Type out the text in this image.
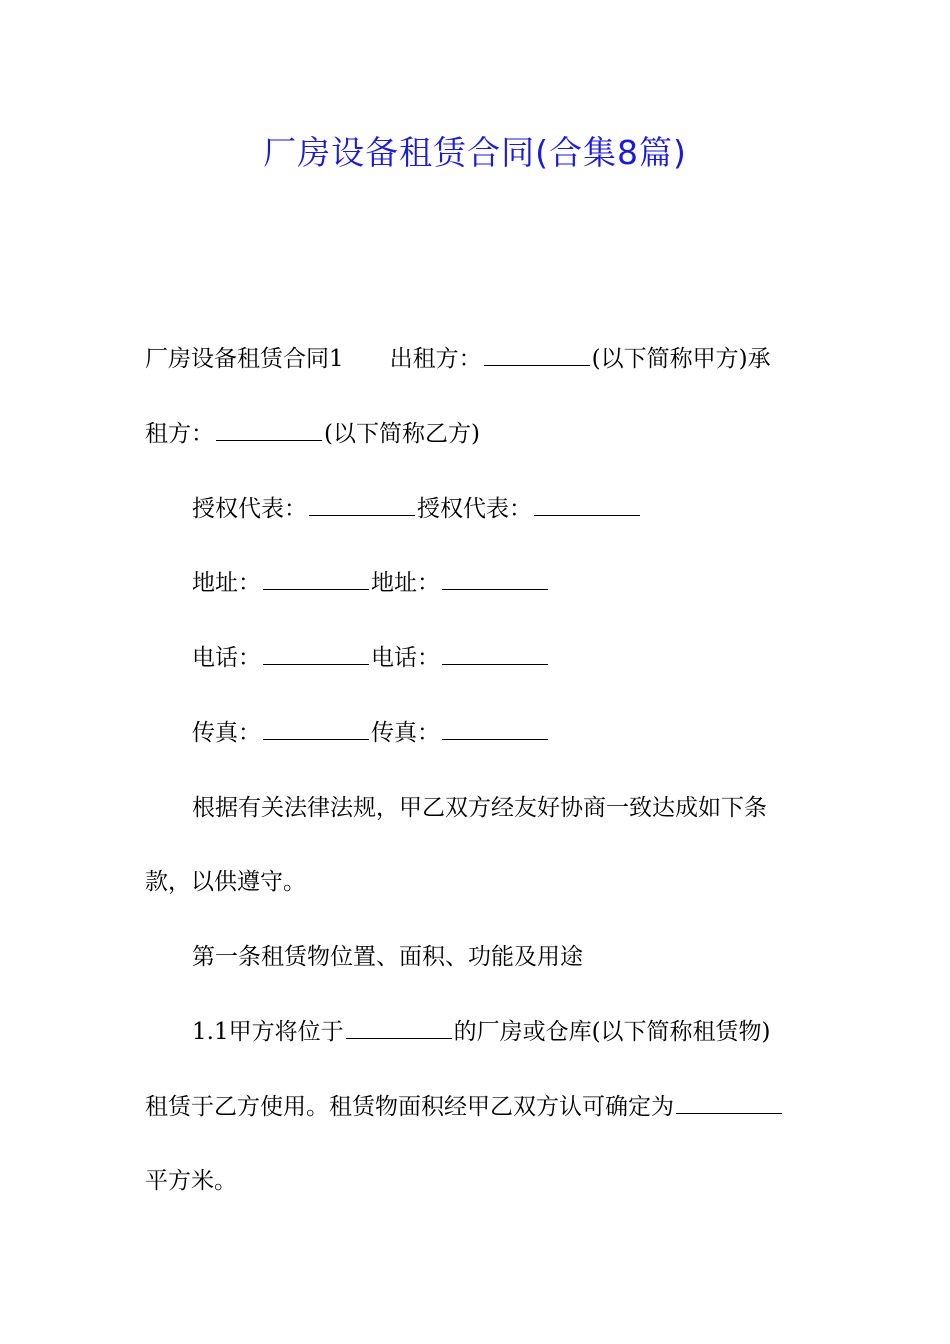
厂房设备租赁合同(合集8篇)
厂房设备租赁合同1 出租方：	(以下简称甲方)承
租方：	(以下简称乙方)
授权代表：	授权代表：
地址：	地址：
电话：	电话：
传真：	传真：
根据有关法律法规，甲乙双方经友好协商一致达成如下条
款，以供遵守。
第一条租赁物位置、面积、功能及用途
1.1甲方将位于	的厂房或仓库(以下简称租赁物)
租赁于乙方使用。租赁物面积经甲乙双方认可确定为
平方米。
